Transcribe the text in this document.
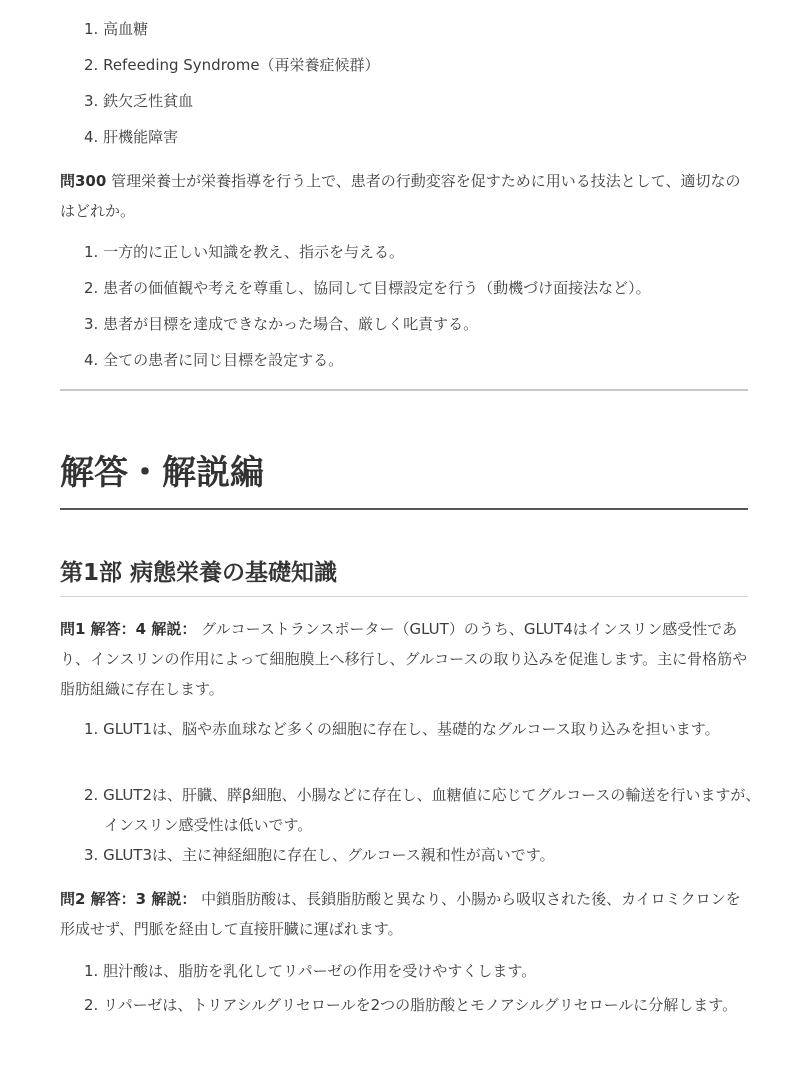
1. 高血糖
2. Refeeding Syndrome（再栄養症候群）
3. 鉄欠乏性貧血
4. 肝機能障害
問300 管理栄養士が栄養指導を行う上で、患者の行動変容を促すために用いる技法として、適切なのはどれか。
1. 一方的に正しい知識を教え、指示を与える。
2. 患者の価値観や考えを尊重し、協同して目標設定を行う（動機づけ面接法など）。
3. 患者が目標を達成できなかった場合、厳しく叱責する。
4. 全ての患者に同じ目標を設定する。
解答・解説編
第1部 病態栄養の基礎知識
問1 解答：4 解説： グルコーストランスポーター（GLUT）のうち、GLUT4はインスリン感受性であり、インスリンの作用によって細胞膜上へ移行し、グルコースの取り込みを促進します。主に骨格筋や脂肪組織に存在します。
1. GLUT1は、脳や赤血球など多くの細胞に存在し、基礎的なグルコース取り込みを担います。
2. GLUT2は、肝臓、膵β細胞、小腸などに存在し、血糖値に応じてグルコースの輸送を行いますが、インスリン感受性は低いです。
3. GLUT3は、主に神経細胞に存在し、グルコース親和性が高いです。
問2 解答：3 解説： 中鎖脂肪酸は、長鎖脂肪酸と異なり、小腸から吸収された後、カイロミクロンを形成せず、門脈を経由して直接肝臓に運ばれます。
1. 胆汁酸は、脂肪を乳化してリパーゼの作用を受けやすくします。
2. リパーゼは、トリアシルグリセロールを2つの脂肪酸とモノアシルグリセロールに分解します。
